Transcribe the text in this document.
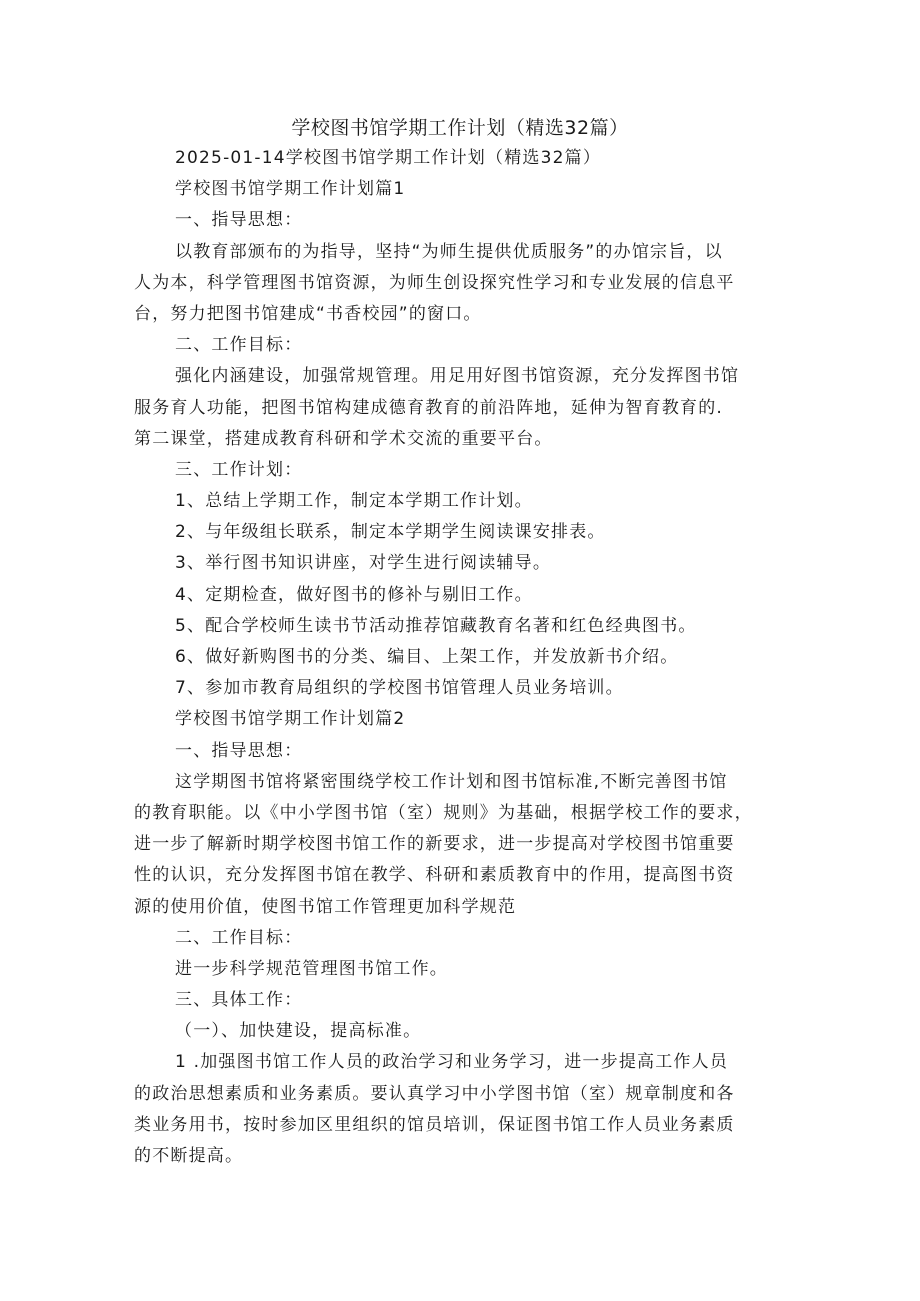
学校图书馆学期工作计划（精选32篇）
2025-01-14学校图书馆学期工作计划（精选32篇）
学校图书馆学期工作计划篇1
一、指导思想：
以教育部颁布的为指导，坚持“为师生提供优质服务”的办馆宗旨，以
人为本，科学管理图书馆资源，为师生创设探究性学习和专业发展的信息平
台，努力把图书馆建成“书香校园”的窗口。
二、工作目标：
强化内涵建设，加强常规管理。用足用好图书馆资源，充分发挥图书馆
服务育人功能，把图书馆构建成德育教育的前沿阵地，延伸为智育教育的.
第二课堂，搭建成教育科研和学术交流的重要平台。
三、工作计划：
1、总结上学期工作，制定本学期工作计划。
2、与年级组长联系，制定本学期学生阅读课安排表。
3、举行图书知识讲座，对学生进行阅读辅导。
4、定期检查，做好图书的修补与剔旧工作。
5、配合学校师生读书节活动推荐馆藏教育名著和红色经典图书。
6、做好新购图书的分类、编目、上架工作，并发放新书介绍。
7、参加市教育局组织的学校图书馆管理人员业务培训。
学校图书馆学期工作计划篇2
一、指导思想：
这学期图书馆将紧密围绕学校工作计划和图书馆标准,不断完善图书馆
的教育职能。以《中小学图书馆（室）规则》为基础，根据学校工作的要求，
进一步了解新时期学校图书馆工作的新要求，进一步提高对学校图书馆重要
性的认识，充分发挥图书馆在教学、科研和素质教育中的作用，提高图书资
源的使用价值，使图书馆工作管理更加科学规范
二、工作目标：
进一步科学规范管理图书馆工作。
三、具体工作：
（一）、加快建设，提高标准。
1 .加强图书馆工作人员的政治学习和业务学习，进一步提高工作人员
的政治思想素质和业务素质。要认真学习中小学图书馆（室）规章制度和各
类业务用书，按时参加区里组织的馆员培训，保证图书馆工作人员业务素质
的不断提高。
